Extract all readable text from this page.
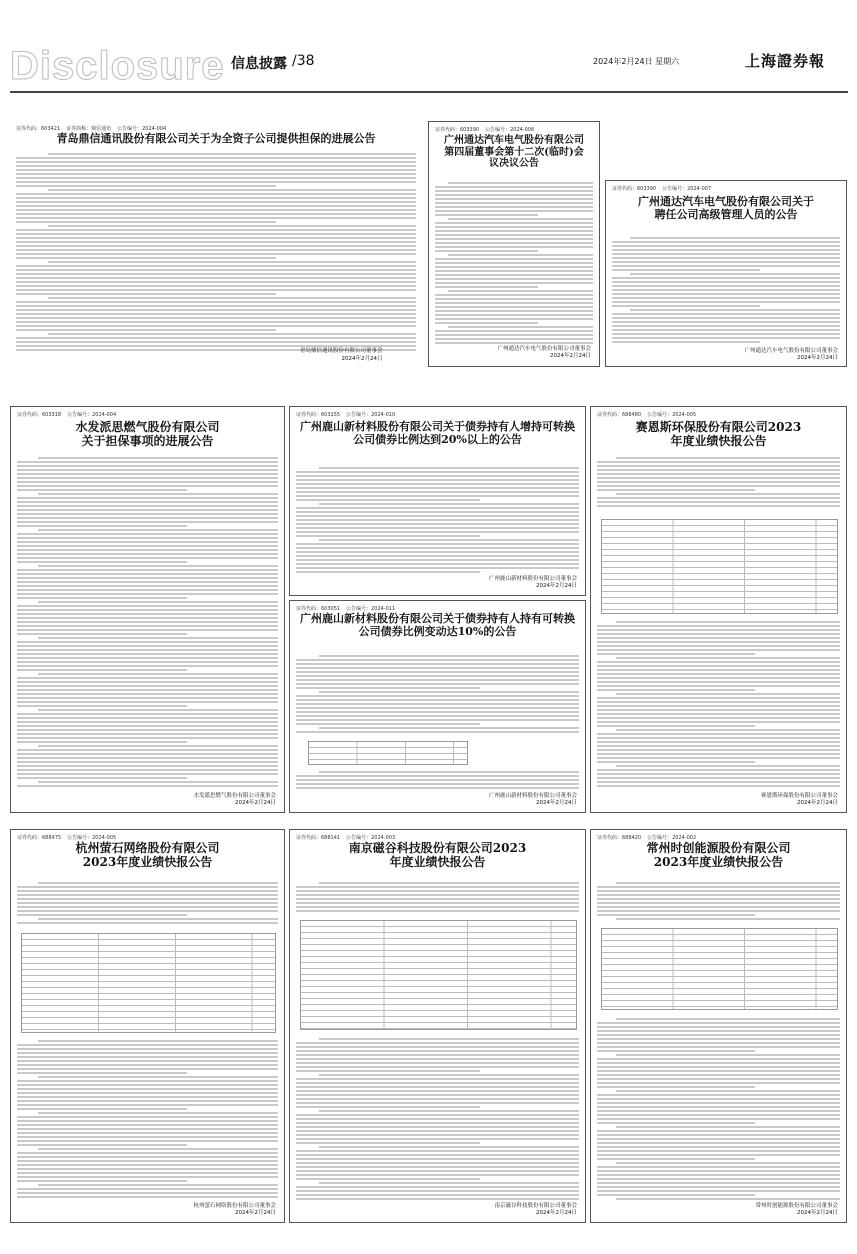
Disclosure 信息披露 /38	2024年2月24日 星期六	上海證券報
证券代码：603421 证券简称：鼎信通讯 公告编号：2024-004
青岛鼎信通讯股份有限公司关于为全资子公司提供担保的进展公告
证券代码：603390 公告编号：2024-006
广州通达汽车电气股份有限公司第四届董事会第十二次(临时)会议决议公告
广州通达汽车电气股份有限公司董事会
2024年2月24日
证券代码：603390 公告编号：2024-007
广州通达汽车电气股份有限公司关于聘任公司高级管理人员的公告
广州通达汽车电气股份有限公司董事会
2024年2月24日
证券代码：603318 公告编号：2024-004
水发派思燃气股份有限公司关于担保事项的进展公告
水发派思燃气股份有限公司董事会
2024年2月24日
证券代码：603155 公告编号：2024-010
广州鹿山新材料股份有限公司关于债券持有人增持可转换公司债券比例达到20%以上的公告
广州鹿山新材料股份有限公司董事会
2024年2月24日
证券代码：603051 公告编号：2024-011
广州鹿山新材料股份有限公司关于债券持有人持有可转换公司债券比例变动达10%的公告
广州鹿山新材料股份有限公司董事会
2024年2月24日
证券代码：688480 公告编号：2024-005
赛恩斯环保股份有限公司2023年度业绩快报公告
赛恩斯环保股份有限公司董事会
2024年2月24日
证券代码：688475 公告编号：2024-005
杭州萤石网络股份有限公司2023年度业绩快报公告
杭州萤石网络股份有限公司董事会
2024年2月24日
证券代码：688141 公告编号：2024-003
南京磁谷科技股份有限公司2023年度业绩快报公告
南京磁谷科技股份有限公司董事会
2024年2月24日
证券代码：688420 公告编号：2024-002
常州时创能源股份有限公司2023年度业绩快报公告
常州时创能源股份有限公司董事会
2024年2月24日
青岛鼎信通讯股份有限公司董事会
2024年2月24日
